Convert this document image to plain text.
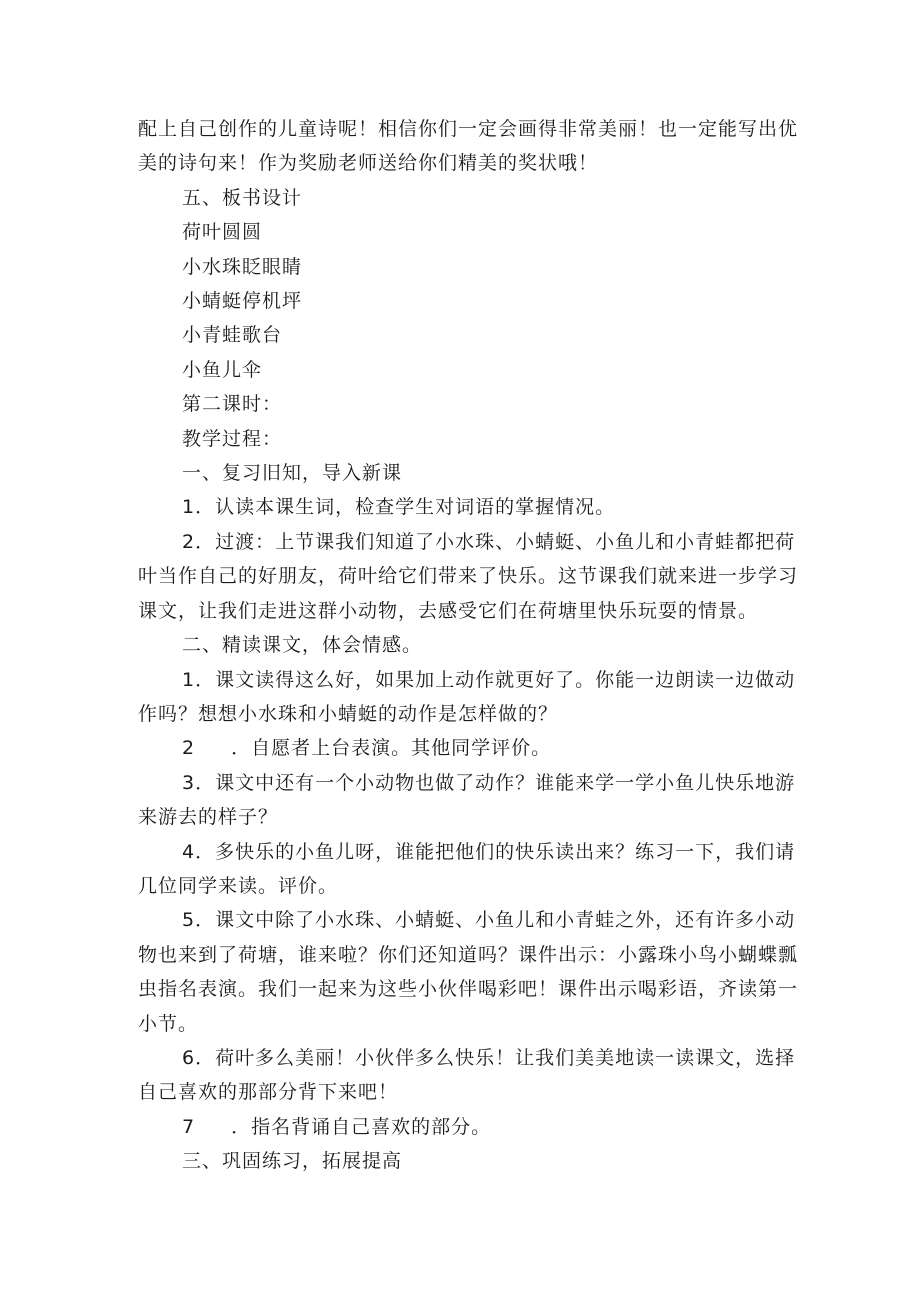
配上自己创作的儿童诗呢！相信你们一定会画得非常美丽！也一定能写出优美的诗句来！作为奖励老师送给你们精美的奖状哦！

五、板书设计

荷叶圆圆

小水珠眨眼睛

小蜻蜓停机坪

小青蛙歌台

小鱼儿伞

第二课时：

教学过程：

一、复习旧知，导入新课

1．认读本课生词，检查学生对词语的掌握情况。

2．过渡：上节课我们知道了小水珠、小蜻蜓、小鱼儿和小青蛙都把荷叶当作自己的好朋友，荷叶给它们带来了快乐。这节课我们就来进一步学习课文，让我们走进这群小动物，去感受它们在荷塘里快乐玩耍的情景。

二、精读课文，体会情感。

1．课文读得这么好，如果加上动作就更好了。你能一边朗读一边做动作吗？想想小水珠和小蜻蜓的动作是怎样做的？

2 ．自愿者上台表演。其他同学评价。

3．课文中还有一个小动物也做了动作？谁能来学一学小鱼儿快乐地游来游去的样子？

4．多快乐的小鱼儿呀，谁能把他们的快乐读出来？练习一下，我们请几位同学来读。评价。

5．课文中除了小水珠、小蜻蜓、小鱼儿和小青蛙之外，还有许多小动物也来到了荷塘，谁来啦？你们还知道吗？课件出示：小露珠小鸟小蝴蝶瓢虫指名表演。我们一起来为这些小伙伴喝彩吧！课件出示喝彩语，齐读第一小节。

6．荷叶多么美丽！小伙伴多么快乐！让我们美美地读一读课文，选择自己喜欢的那部分背下来吧！

7 ．指名背诵自己喜欢的部分。

三、巩固练习，拓展提高
